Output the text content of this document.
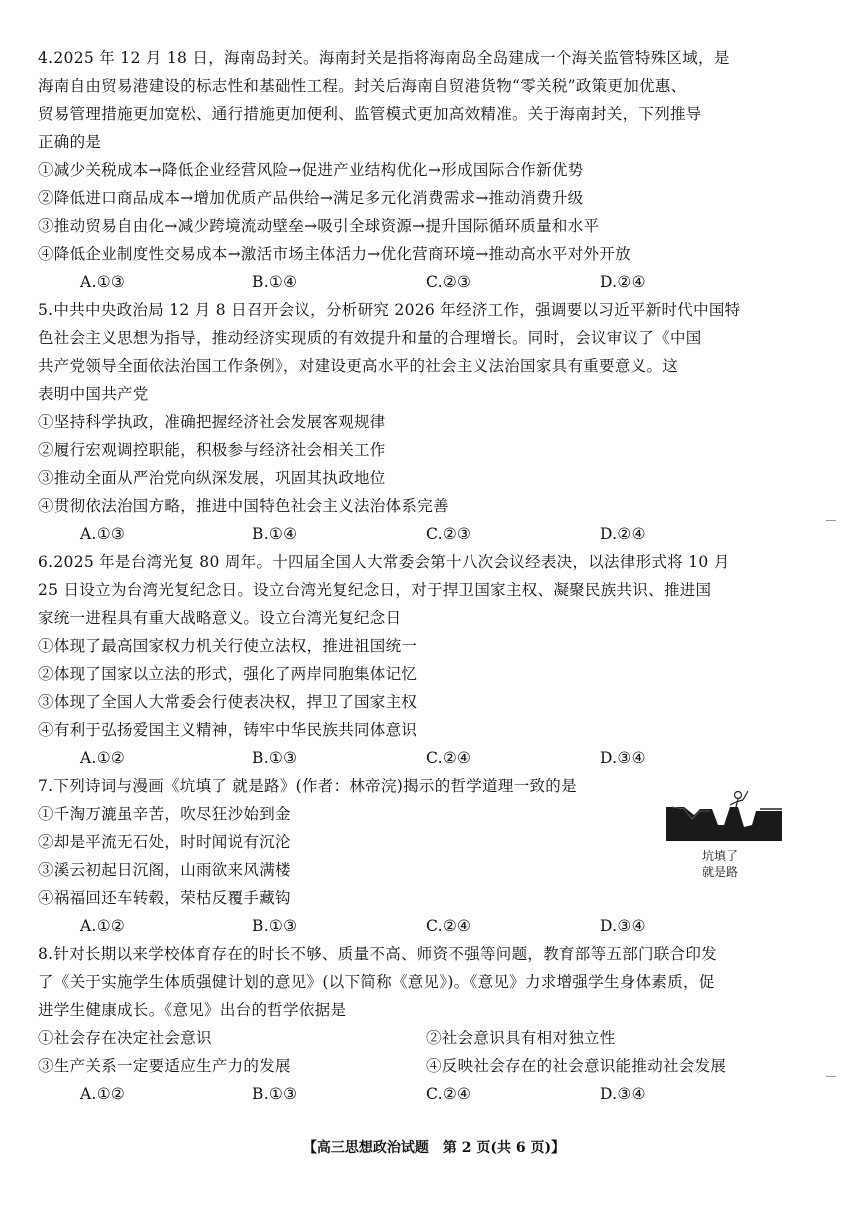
4.2025 年 12 月 18 日，海南岛封关。海南封关是指将海南岛全岛建成一个海关监管特殊区域，是
海南自由贸易港建设的标志性和基础性工程。封关后海南自贸港货物“零关税”政策更加优惠、
贸易管理措施更加宽松、通行措施更加便利、监管模式更加高效精准。关于海南封关，下列推导
正确的是
①减少关税成本→降低企业经营风险→促进产业结构优化→形成国际合作新优势
②降低进口商品成本→增加优质产品供给→满足多元化消费需求→推动消费升级
③推动贸易自由化→减少跨境流动壁垒→吸引全球资源→提升国际循环质量和水平
④降低企业制度性交易成本→激活市场主体活力→优化营商环境→推动高水平对外开放
A.①③	B.①④	C.②③	D.②④
5.中共中央政治局 12 月 8 日召开会议，分析研究 2026 年经济工作，强调要以习近平新时代中国特
色社会主义思想为指导，推动经济实现质的有效提升和量的合理增长。同时，会议审议了《中国
共产党领导全面依法治国工作条例》，对建设更高水平的社会主义法治国家具有重要意义。这
表明中国共产党
①坚持科学执政，准确把握经济社会发展客观规律
②履行宏观调控职能，积极参与经济社会相关工作
③推动全面从严治党向纵深发展，巩固其执政地位
④贯彻依法治国方略，推进中国特色社会主义法治体系完善
A.①③	B.①④	C.②③	D.②④
6.2025 年是台湾光复 80 周年。十四届全国人大常委会第十八次会议经表决，以法律形式将 10 月
25 日设立为台湾光复纪念日。设立台湾光复纪念日，对于捍卫国家主权、凝聚民族共识、推进国
家统一进程具有重大战略意义。设立台湾光复纪念日
①体现了最高国家权力机关行使立法权，推进祖国统一
②体现了国家以立法的形式，强化了两岸同胞集体记忆
③体现了全国人大常委会行使表决权，捍卫了国家主权
④有利于弘扬爱国主义精神，铸牢中华民族共同体意识
A.①②	B.①③	C.②④	D.③④
7.下列诗词与漫画《坑填了 就是路》(作者：林帝浣)揭示的哲学道理一致的是
①千淘万漉虽辛苦，吹尽狂沙始到金
②却是平流无石处，时时闻说有沉沦
③溪云初起日沉阁，山雨欲来风满楼
④祸福回还车转毂，荣枯反覆手藏钩
A.①②	B.①③	C.②④	D.③④
坑填了
就是路
8.针对长期以来学校体育存在的时长不够、质量不高、师资不强等问题，教育部等五部门联合印发
了《关于实施学生体质强健计划的意见》(以下简称《意见》)。《意见》力求增强学生身体素质，促
进学生健康成长。《意见》出台的哲学依据是
①社会存在决定社会意识	②社会意识具有相对独立性
③生产关系一定要适应生产力的发展	④反映社会存在的社会意识能推动社会发展
A.①②	B.①③	C.②④	D.③④
【高三思想政治试题　第 2 页(共 6 页)】
